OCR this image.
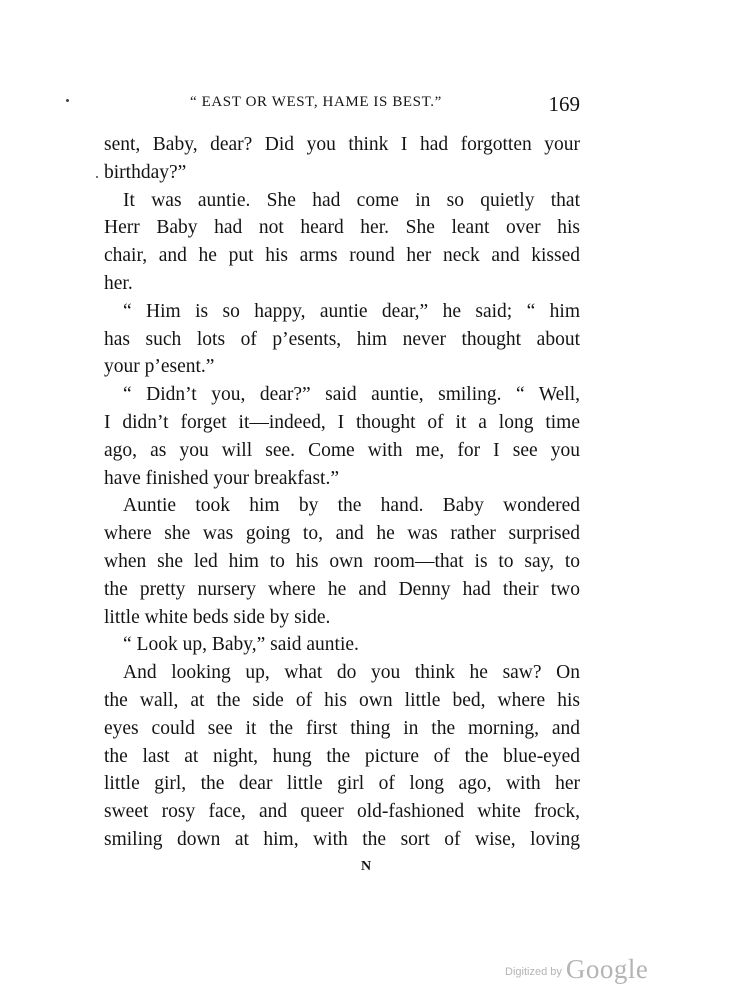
“ EAST OR WEST, HAME IS BEST.”	169
sent, Baby, dear? Did you think I had forgotten your
birthday?”
It was auntie. She had come in so quietly that
Herr Baby had not heard her. She leant over his
chair, and he put his arms round her neck and kissed
her.
“ Him is so happy, auntie dear,” he said; “ him
has such lots of p’esents, him never thought about
your p’esent.”
“ Didn’t you, dear?” said auntie, smiling. “ Well,
I didn’t forget it—indeed, I thought of it a long time
ago, as you will see. Come with me, for I see you
have finished your breakfast.”
Auntie took him by the hand. Baby wondered
where she was going to, and he was rather surprised
when she led him to his own room—that is to say, to
the pretty nursery where he and Denny had their two
little white beds side by side.
“ Look up, Baby,” said auntie.
And looking up, what do you think he saw? On
the wall, at the side of his own little bed, where his
eyes could see it the first thing in the morning, and
the last at night, hung the picture of the blue-eyed
little girl, the dear little girl of long ago, with her
sweet rosy face, and queer old-fashioned white frock,
smiling down at him, with the sort of wise, loving
N
Digitized by Google
